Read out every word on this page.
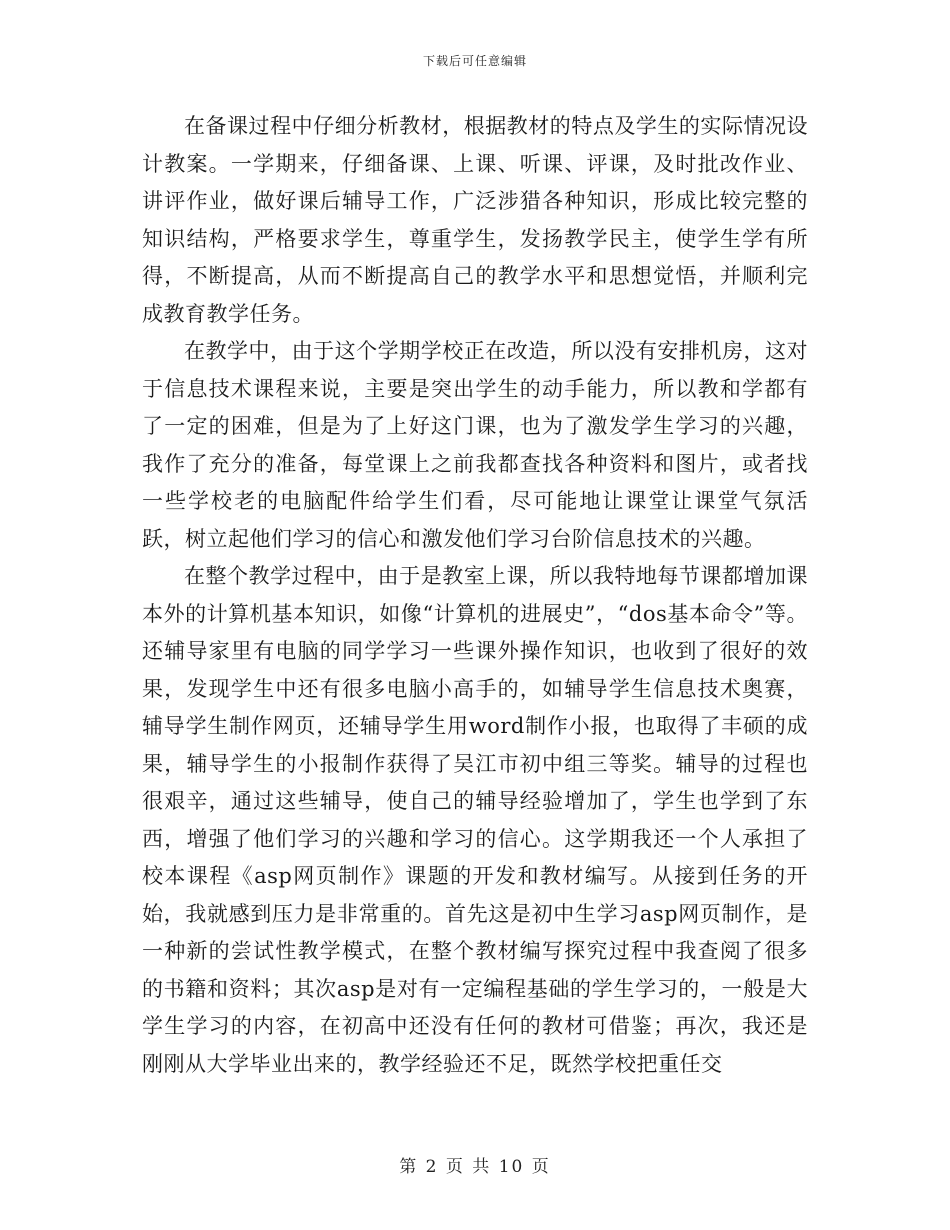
下载后可任意编辑

在备课过程中仔细分析教材，根据教材的特点及学生的实际情况设计教案。一学期来，仔细备课、上课、听课、评课，及时批改作业、讲评作业，做好课后辅导工作，广泛涉猎各种知识，形成比较完整的知识结构，严格要求学生，尊重学生，发扬教学民主，使学生学有所得，不断提高，从而不断提高自己的教学水平和思想觉悟，并顺利完成教育教学任务。

在教学中，由于这个学期学校正在改造，所以没有安排机房，这对于信息技术课程来说，主要是突出学生的动手能力，所以教和学都有了一定的困难，但是为了上好这门课，也为了激发学生学习的兴趣，我作了充分的准备，每堂课上之前我都查找各种资料和图片，或者找一些学校老的电脑配件给学生们看，尽可能地让课堂让课堂气氛活跃，树立起他们学习的信心和激发他们学习台阶信息技术的兴趣。

在整个教学过程中，由于是教室上课，所以我特地每节课都增加课本外的计算机基本知识，如像“计算机的进展史”，“dos基本命令”等。还辅导家里有电脑的同学学习一些课外操作知识，也收到了很好的效果，发现学生中还有很多电脑小高手的，如辅导学生信息技术奥赛，辅导学生制作网页，还辅导学生用word制作小报，也取得了丰硕的成果，辅导学生的小报制作获得了吴江市初中组三等奖。辅导的过程也很艰辛，通过这些辅导，使自己的辅导经验增加了，学生也学到了东西，增强了他们学习的兴趣和学习的信心。这学期我还一个人承担了校本课程《asp网页制作》课题的开发和教材编写。从接到任务的开始，我就感到压力是非常重的。首先这是初中生学习asp网页制作，是一种新的尝试性教学模式，在整个教材编写探究过程中我查阅了很多的书籍和资料；其次asp是对有一定编程基础的学生学习的，一般是大学生学习的内容，在初高中还没有任何的教材可借鉴；再次，我还是刚刚从大学毕业出来的，教学经验还不足，既然学校把重任交

第 2 页 共 10 页
